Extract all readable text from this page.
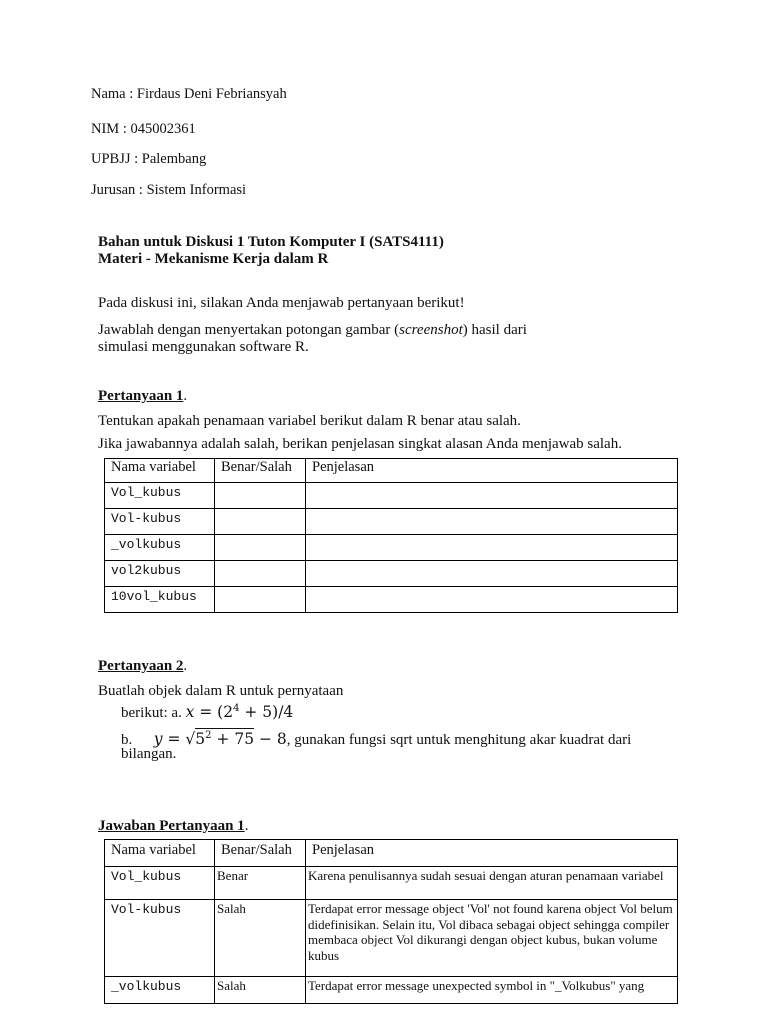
Nama : Firdaus Deni Febriansyah
NIM : 045002361
UPBJJ : Palembang
Jurusan : Sistem Informasi
Bahan untuk Diskusi 1 Tuton Komputer I (SATS4111)
Materi - Mekanisme Kerja dalam R
Pada diskusi ini, silakan Anda menjawab pertanyaan berikut!
Jawablah dengan menyertakan potongan gambar (screenshot) hasil dari
simulasi menggunakan software R.
Pertanyaan 1.
Tentukan apakah penamaan variabel berikut dalam R benar atau salah.
Jika jawabannya adalah salah, berikan penjelasan singkat alasan Anda menjawab salah.
Nama variabel	Benar/Salah	Penjelasan
Vol_kubus		
Vol-kubus		
_volkubus		
vol2kubus		
10vol_kubus		
Pertanyaan 2.
Buatlah objek dalam R untuk pernyataan
berikut: a. $x = (2^4 + 5)/4$
b. $y = √5^2 + 75 - 8$, gunakan fungsi sqrt untuk menghitung akar kuadrat dari
bilangan.
Jawaban Pertanyaan 1.
Nama variabel	Benar/Salah	Penjelasan
Vol_kubus	Benar	Karena penulisannya sudah sesuai dengan aturan penamaan variabel
Vol-kubus	Salah	Terdapat error message object 'Vol' not found karena object Vol belum didefinisikan. Selain itu, Vol dibaca sebagai object sehingga compiler membaca object Vol dikurangi dengan object kubus, bukan volume kubus
_volkubus	Salah	Terdapat error message unexpected symbol in "_Volkubus" yang
